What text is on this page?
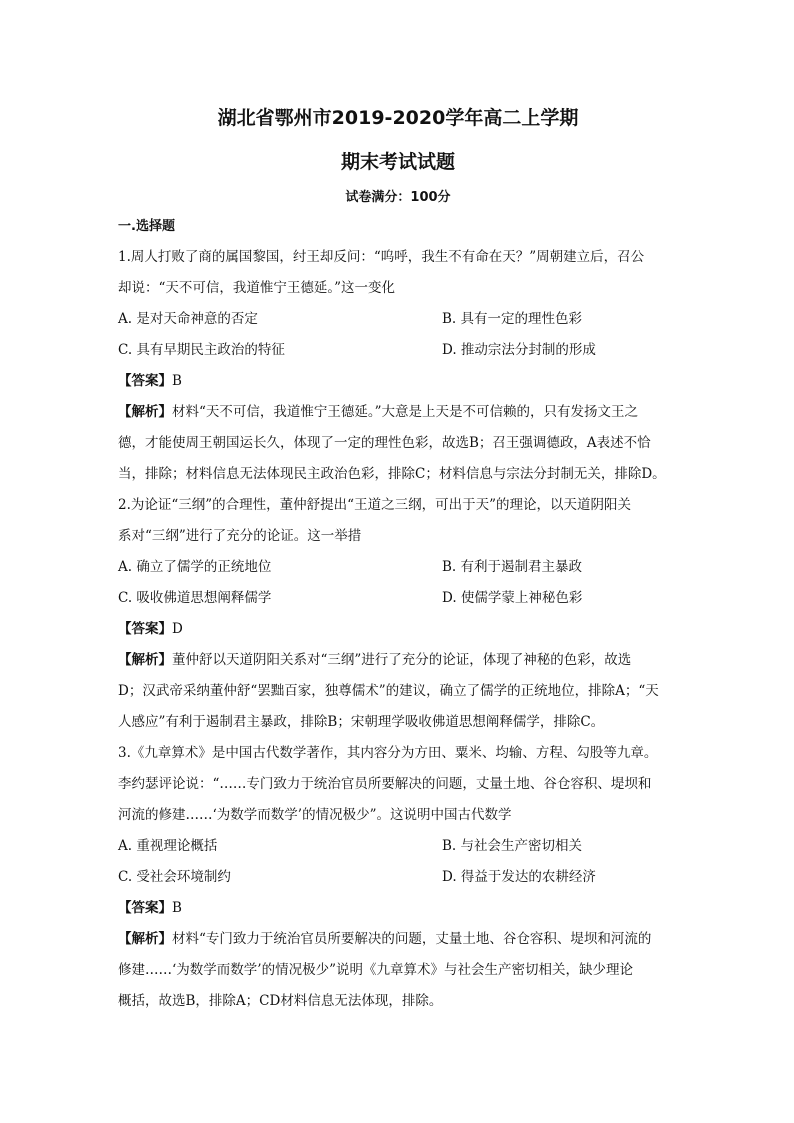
湖北省鄂州市2019-2020学年高二上学期
期末考试试题
试卷满分：100分
一.选择题
1.周人打败了商的属国黎国，纣王却反问：“呜呼，我生不有命在天？”周朝建立后，召公
却说：“天不可信，我道惟宁王德延。”这一变化
A. 是对天命神意的否定	B. 具有一定的理性色彩
C. 具有早期民主政治的特征	D. 推动宗法分封制的形成
【答案】B
【解析】材料“天不可信，我道惟宁王德延。”大意是上天是不可信赖的，只有发扬文王之
德，才能使周王朝国运长久，体现了一定的理性色彩，故选B；召王强调德政，A表述不恰
当，排除；材料信息无法体现民主政治色彩，排除C；材料信息与宗法分封制无关，排除D。
2.为论证“三纲”的合理性，董仲舒提出“王道之三纲，可出于天”的理论，以天道阴阳关
系对“三纲”进行了充分的论证。这一举措
A. 确立了儒学的正统地位	B. 有利于遏制君主暴政
C. 吸收佛道思想阐释儒学	D. 使儒学蒙上神秘色彩
【答案】D
【解析】董仲舒以天道阴阳关系对“三纲”进行了充分的论证，体现了神秘的色彩，故选
D；汉武帝采纳董仲舒“罢黜百家，独尊儒术”的建议，确立了儒学的正统地位，排除A；“天
人感应”有利于遏制君主暴政，排除B；宋朝理学吸收佛道思想阐释儒学，排除C。
3.《九章算术》是中国古代数学著作，其内容分为方田、粟米、均输、方程、勾股等九章。
李约瑟评论说：“……专门致力于统治官员所要解决的问题，丈量土地、谷仓容积、堤坝和
河流的修建……‘为数学而数学’的情况极少”。这说明中国古代数学
A. 重视理论概括	B. 与社会生产密切相关
C. 受社会环境制约	D. 得益于发达的农耕经济
【答案】B
【解析】材料“专门致力于统治官员所要解决的问题，丈量土地、谷仓容积、堤坝和河流的
修建……‘为数学而数学’的情况极少”说明《九章算术》与社会生产密切相关，缺少理论
概括，故选B，排除A；CD材料信息无法体现，排除。
